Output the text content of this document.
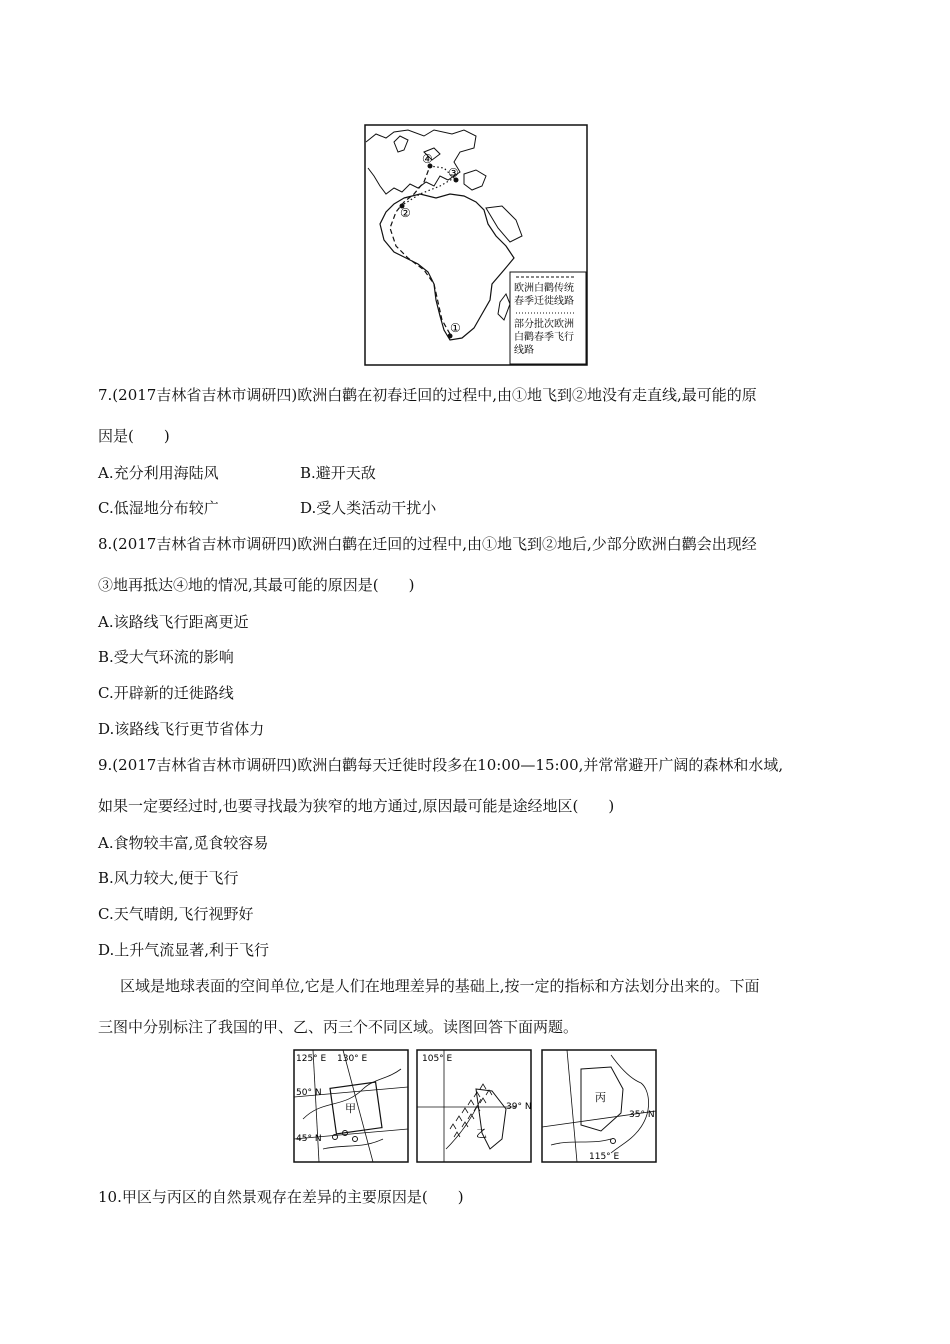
④
③
②
①
欧洲白鹳传统
春季迁徙线路
部分批次欧洲
白鹳春季飞行
线路
7.(2017吉林省吉林市调研四)欧洲白鹳在初春迁回的过程中,由①地飞到②地没有走直线,最可能的原
因是(　　)
A.充分利用海陆风	B.避开天敌
C.低湿地分布较广	D.受人类活动干扰小
8.(2017吉林省吉林市调研四)欧洲白鹳在迁回的过程中,由①地飞到②地后,少部分欧洲白鹳会出现经
③地再抵达④地的情况,其最可能的原因是(　　)
A.该路线飞行距离更近
B.受大气环流的影响
C.开辟新的迁徙路线
D.该路线飞行更节省体力
9.(2017吉林省吉林市调研四)欧洲白鹳每天迁徙时段多在10:00—15:00,并常常避开广阔的森林和水域,
如果一定要经过时,也要寻找最为狭窄的地方通过,原因最可能是途经地区(　　)
A.食物较丰富,觅食较容易
B.风力较大,便于飞行
C.天气晴朗,飞行视野好
D.上升气流显著,利于飞行
区域是地球表面的空间单位,它是人们在地理差异的基础上,按一定的指标和方法划分出来的。下面
三图中分别标注了我国的甲、乙、丙三个不同区域。读图回答下面两题。
125° E 130° E
50° N
45° N
甲
105° E
39° N
乙
35° N
115° E
丙
10.甲区与丙区的自然景观存在差异的主要原因是(　　)
